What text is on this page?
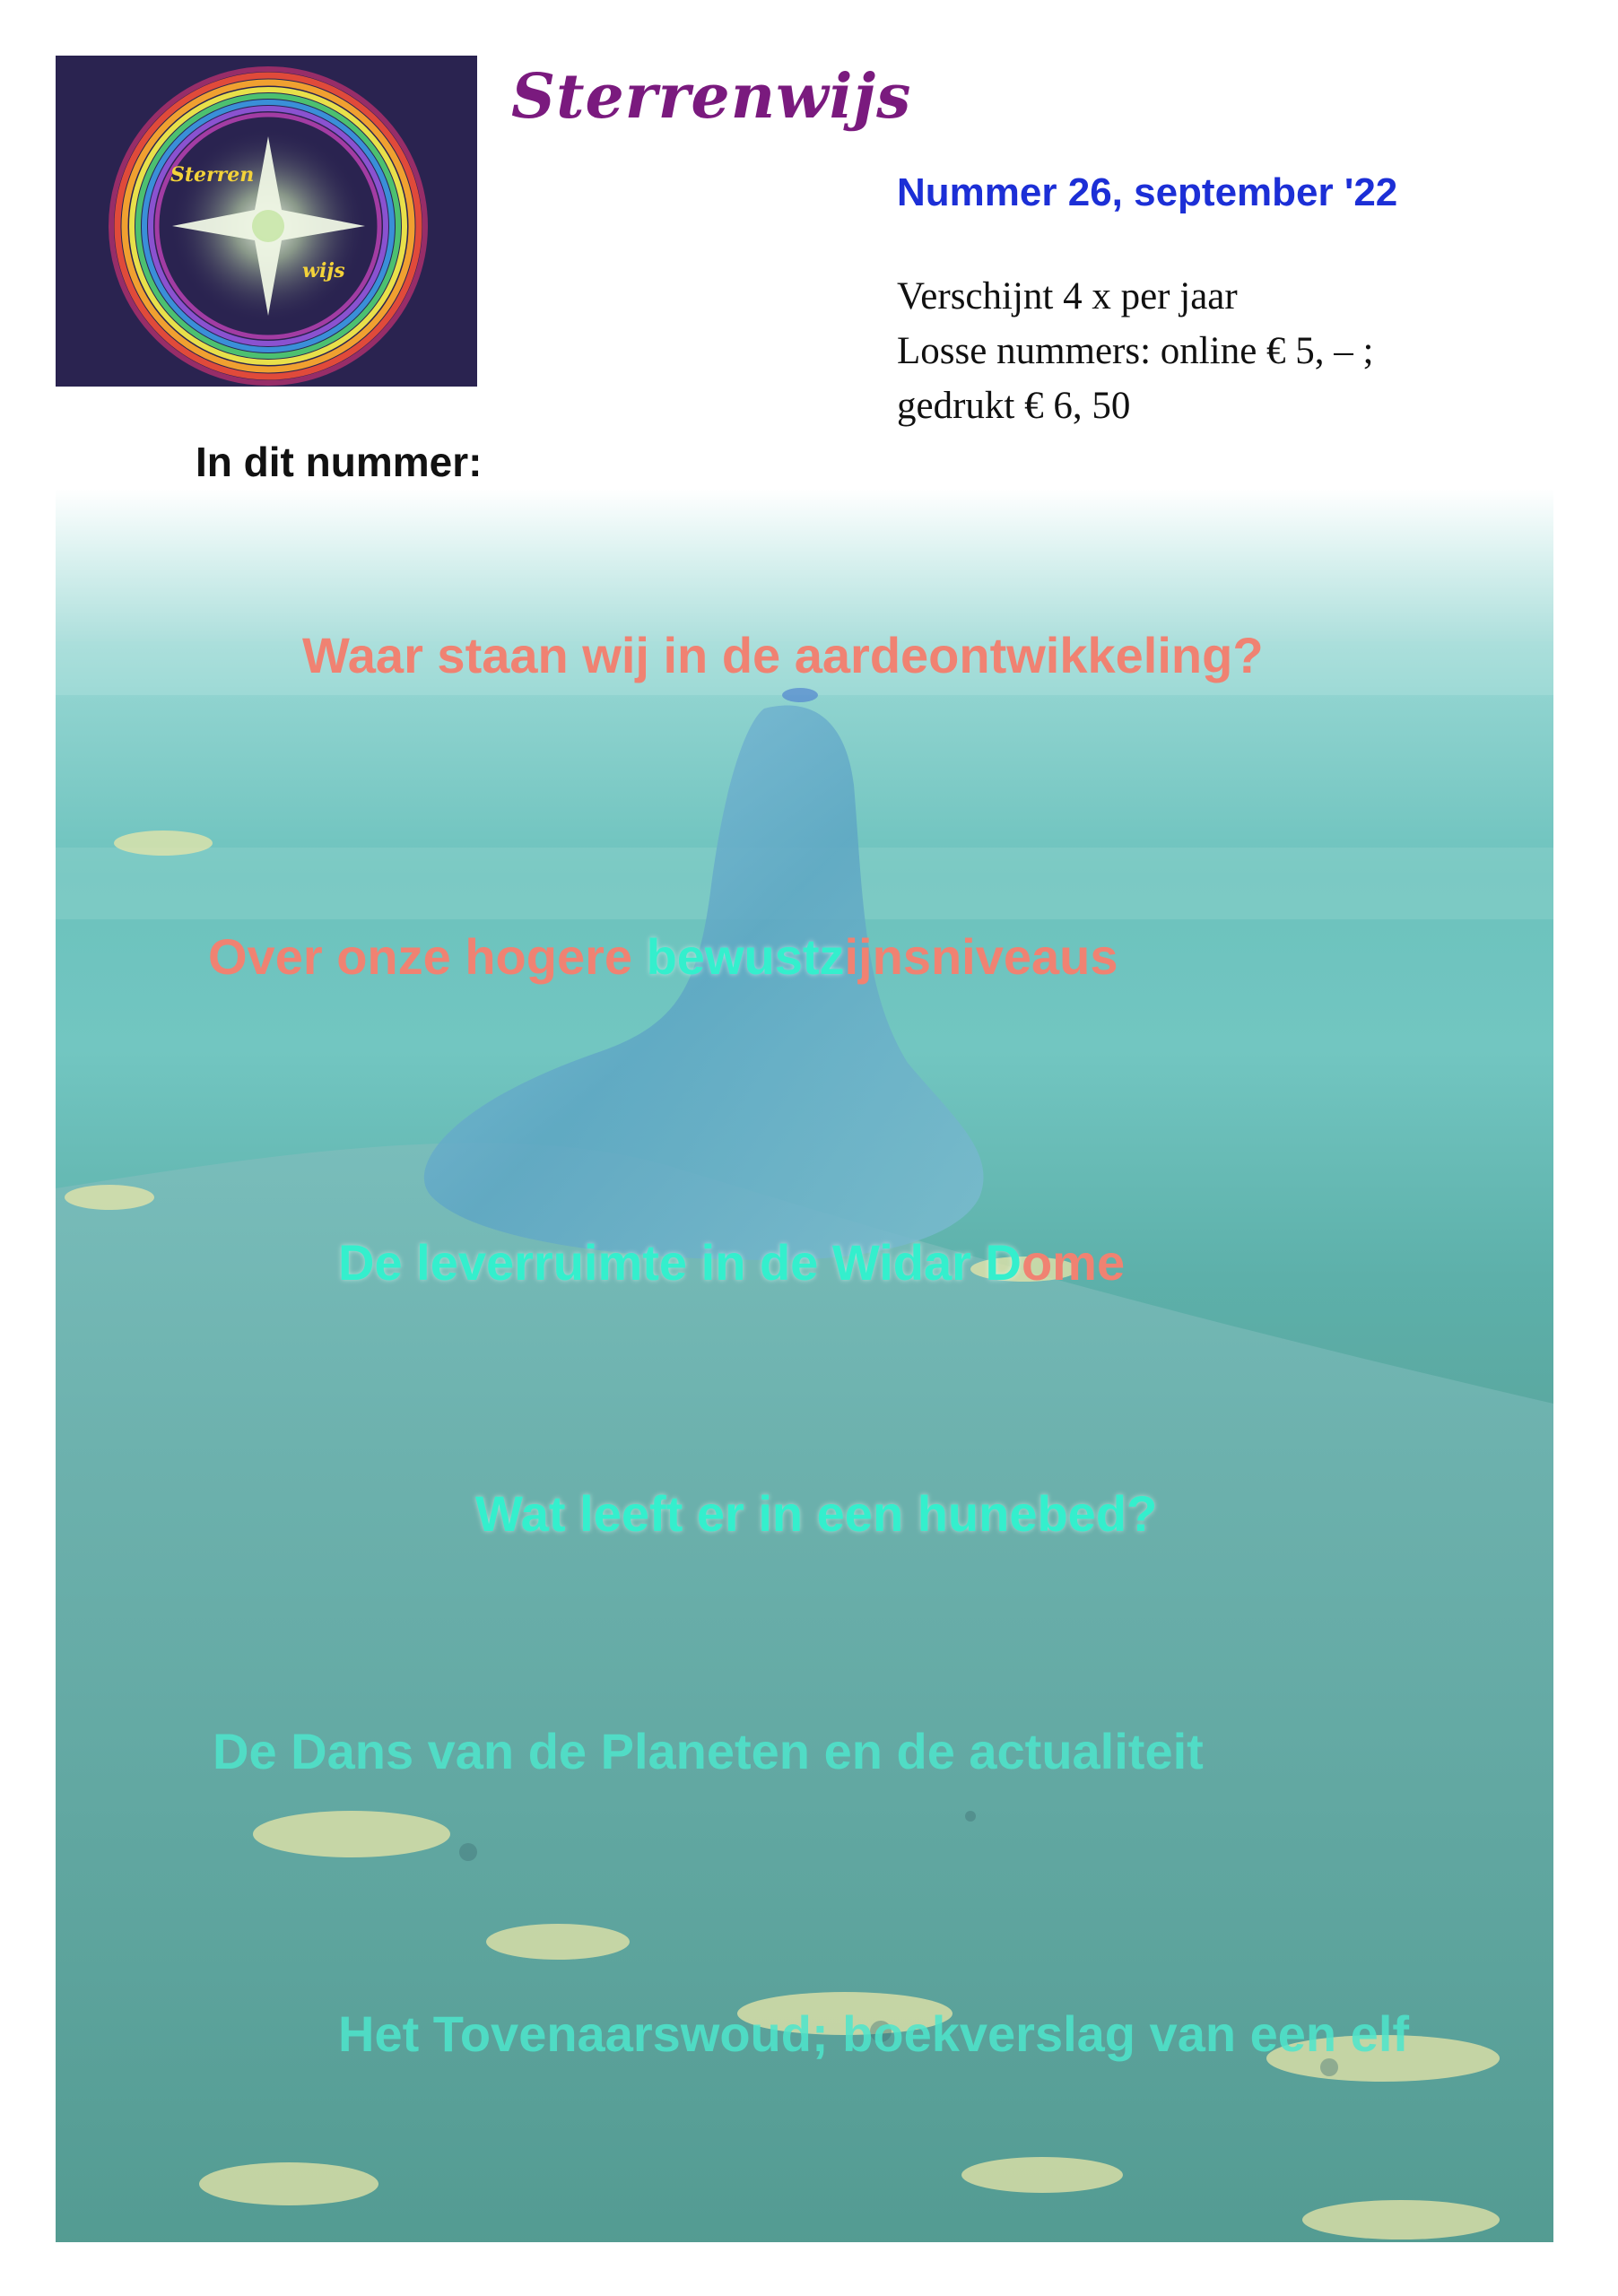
Sterren
wijs
Sterrenwijs
Nummer 26, september '22
Verschijnt 4 x per jaar
Losse nummers: online € 5, – ;
gedrukt € 6, 50
In dit nummer:
Waar staan wij in de aardeontwikkeling?
Over onze hogere bewustzijnsniveaus
De leverruimte in de Widar Dome
Wat leeft er in een hunebed?
De Dans van de Planeten en de actualiteit
Het Tovenaarswoud; boekverslag van een elf
